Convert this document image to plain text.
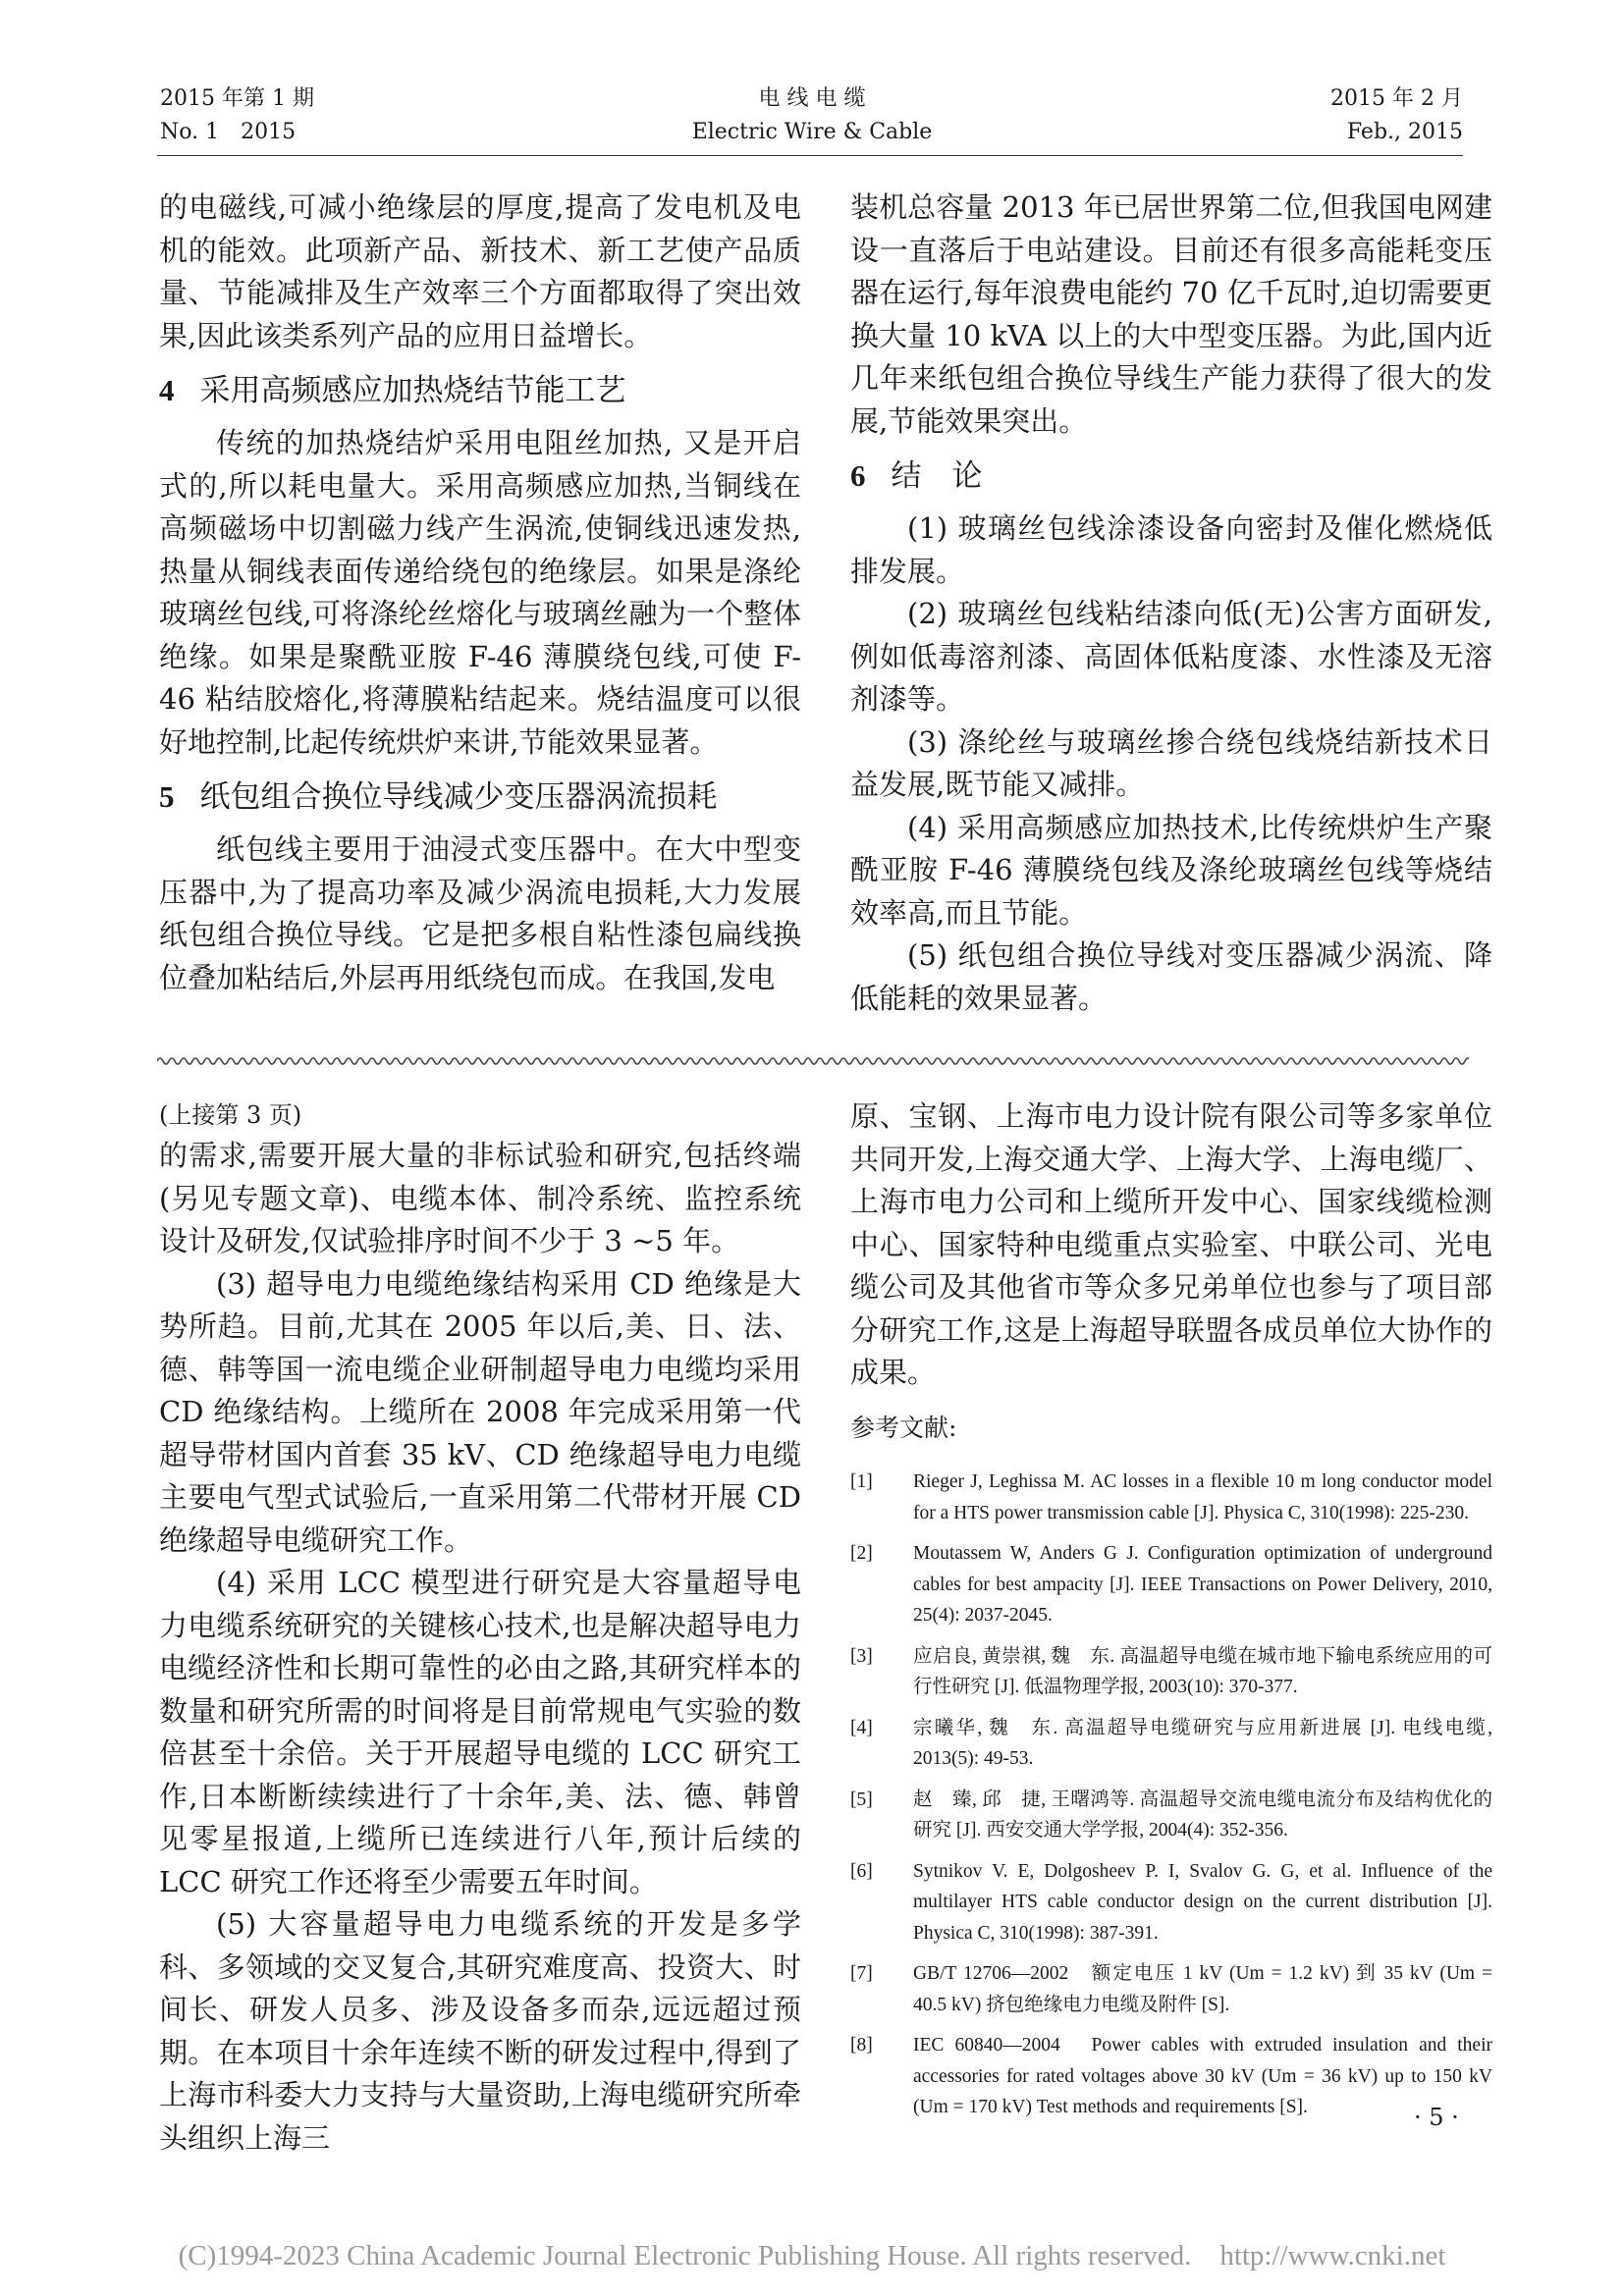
2015 年第 1 期
No. 1　2015
电 线 电 缆
Electric Wire & Cable
2015 年 2 月
Feb., 2015

的电磁线,可减小绝缘层的厚度,提高了发电机及电机的能效。此项新产品、新技术、新工艺使产品质量、节能减排及生产效率三个方面都取得了突出效果,因此该类系列产品的应用日益增长。

4 采用高频感应加热烧结节能工艺

传统的加热烧结炉采用电阻丝加热, 又是开启式的,所以耗电量大。采用高频感应加热,当铜线在高频磁场中切割磁力线产生涡流,使铜线迅速发热,热量从铜线表面传递给绕包的绝缘层。如果是涤纶玻璃丝包线,可将涤纶丝熔化与玻璃丝融为一个整体绝缘。如果是聚酰亚胺 F-46 薄膜绕包线,可使 F-46 粘结胶熔化,将薄膜粘结起来。烧结温度可以很好地控制,比起传统烘炉来讲,节能效果显著。

5 纸包组合换位导线减少变压器涡流损耗

纸包线主要用于油浸式变压器中。在大中型变压器中,为了提高功率及减少涡流电损耗,大力发展纸包组合换位导线。它是把多根自粘性漆包扁线换位叠加粘结后,外层再用纸绕包而成。在我国,发电

装机总容量 2013 年已居世界第二位,但我国电网建设一直落后于电站建设。目前还有很多高能耗变压器在运行,每年浪费电能约 70 亿千瓦时,迫切需要更换大量 10 kVA 以上的大中型变压器。为此,国内近几年来纸包组合换位导线生产能力获得了很大的发展,节能效果突出。

6 结　论

(1) 玻璃丝包线涂漆设备向密封及催化燃烧低排发展。

(2) 玻璃丝包线粘结漆向低(无)公害方面研发,例如低毒溶剂漆、高固体低粘度漆、水性漆及无溶剂漆等。

(3) 涤纶丝与玻璃丝掺合绕包线烧结新技术日益发展,既节能又减排。

(4) 采用高频感应加热技术,比传统烘炉生产聚酰亚胺 F-46 薄膜绕包线及涤纶玻璃丝包线等烧结效率高,而且节能。

(5) 纸包组合换位导线对变压器减少涡流、降低能耗的效果显著。

(上接第 3 页)

的需求,需要开展大量的非标试验和研究,包括终端(另见专题文章)、电缆本体、制冷系统、监控系统设计及研发,仅试验排序时间不少于 3 ~5 年。

(3) 超导电力电缆绝缘结构采用 CD 绝缘是大势所趋。目前,尤其在 2005 年以后,美、日、法、德、韩等国一流电缆企业研制超导电力电缆均采用 CD 绝缘结构。上缆所在 2008 年完成采用第一代超导带材国内首套 35 kV、CD 绝缘超导电力电缆主要电气型式试验后,一直采用第二代带材开展 CD 绝缘超导电缆研究工作。

(4) 采用 LCC 模型进行研究是大容量超导电力电缆系统研究的关键核心技术,也是解决超导电力电缆经济性和长期可靠性的必由之路,其研究样本的数量和研究所需的时间将是目前常规电气实验的数倍甚至十余倍。关于开展超导电缆的 LCC 研究工作,日本断断续续进行了十余年,美、法、德、韩曾见零星报道,上缆所已连续进行八年,预计后续的 LCC 研究工作还将至少需要五年时间。

(5) 大容量超导电力电缆系统的开发是多学科、多领域的交叉复合,其研究难度高、投资大、时间长、研发人员多、涉及设备多而杂,远远超过预期。在本项目十余年连续不断的研发过程中,得到了上海市科委大力支持与大量资助,上海电缆研究所牵头组织上海三

原、宝钢、上海市电力设计院有限公司等多家单位共同开发,上海交通大学、上海大学、上海电缆厂、上海市电力公司和上缆所开发中心、国家线缆检测中心、国家特种电缆重点实验室、中联公司、光电缆公司及其他省市等众多兄弟单位也参与了项目部分研究工作,这是上海超导联盟各成员单位大协作的成果。

参考文献:

[1]	Rieger J, Leghissa M. AC losses in a flexible 10 m long conductor model for a HTS power transmission cable [J]. Physica C, 310(1998): 225-230.
[2]	Moutassem W, Anders G J. Configuration optimization of underground cables for best ampacity [J]. IEEE Transactions on Power Delivery, 2010, 25(4): 2037-2045.
[3]	应启良, 黄崇祺, 魏　东. 高温超导电缆在城市地下输电系统应用的可行性研究 [J]. 低温物理学报, 2003(10): 370-377.
[4]	宗曦华, 魏　东. 高温超导电缆研究与应用新进展 [J]. 电线电缆, 2013(5): 49-53.
[5]	赵　臻, 邱　捷, 王曙鸿等. 高温超导交流电缆电流分布及结构优化的研究 [J]. 西安交通大学学报, 2004(4): 352-356.
[6]	Sytnikov V. E, Dolgosheev P. I, Svalov G. G, et al. Influence of the multilayer HTS cable conductor design on the current distribution [J]. Physica C, 310(1998): 387-391.
[7]	GB/T 12706—2002　额定电压 1 kV (Um = 1.2 kV) 到 35 kV (Um = 40.5 kV) 挤包绝缘电力电缆及附件 [S].
[8]	IEC 60840—2004　Power cables with extruded insulation and their accessories for rated voltages above 30 kV (Um = 36 kV) up to 150 kV (Um = 170 kV) Test methods and requirements [S].	· 5 ·
(C)1994-2023 China Academic Journal Electronic Publishing House. All rights reserved.　http://www.cnki.net
